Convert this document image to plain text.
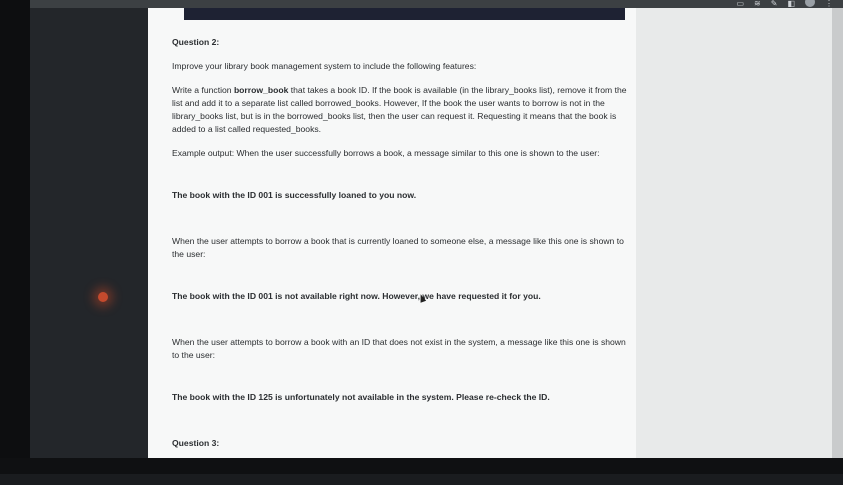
▭ ≋ ✎ ◧	⋮

Question 2:

Improve your library book management system to include the following features:

Write a function borrow_book that takes a book ID. If the book is available (in the library_books list), remove it from the list and add it to a separate list called borrowed_books. However, If the book the user wants to borrow is not in the library_books list, but is in the borrowed_books list, then the user can request it. Requesting it means that the book is added to a list called requested_books.

Example output: When the user successfully borrows a book, a message similar to this one is shown to the user:

The book with the ID 001 is successfully loaned to you now.

When the user attempts to borrow a book that is currently loaned to someone else, a message like this one is shown to the user:

The book with the ID 001 is not available right now. However, we have requested it for you.

When the user attempts to borrow a book with an ID that does not exist in the system, a message like this one is shown to the user:

The book with the ID 125 is unfortunately not available in the system. Please re-check the ID.

Question 3:
